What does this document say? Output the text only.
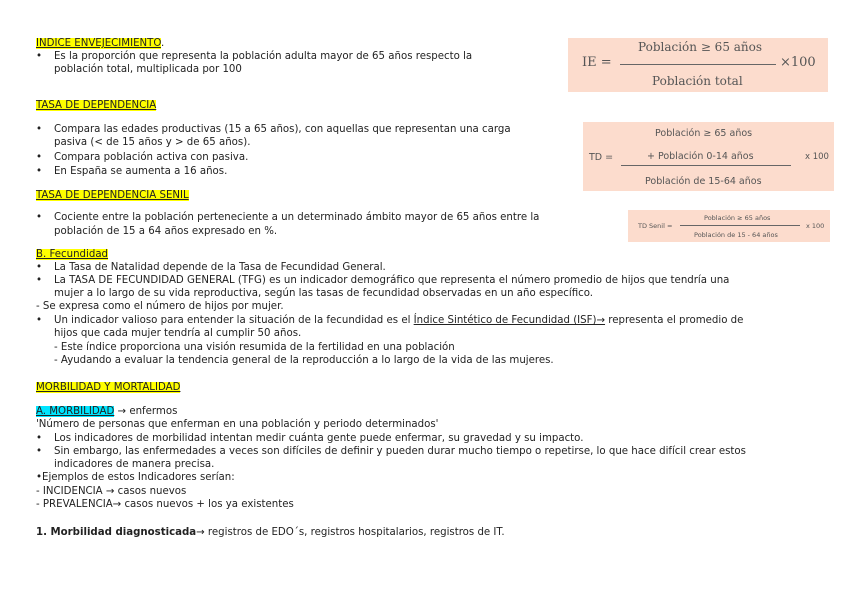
INDICE ENVEJECIMIENTO.
• Es la proporción que representa la población adulta mayor de 65 años respecto la
población total, multiplicada por 100
TASA DE DEPENDENCIA
• Compara las edades productivas (15 a 65 años), con aquellas que representan una carga
pasiva (< de 15 años y > de 65 años).
• Compara población activa con pasiva.
• En España se aumenta a 16 años.
TASA DE DEPENDENCIA SENIL
• Cociente entre la población perteneciente a un determinado ámbito mayor de 65 años entre la
población de 15 a 64 años expresado en %.
B. Fecundidad
• La Tasa de Natalidad depende de la Tasa de Fecundidad General.
• La TASA DE FECUNDIDAD GENERAL (TFG) es un indicador demográfico que representa el número promedio de hijos que tendría una
mujer a lo largo de su vida reproductiva, según las tasas de fecundidad observadas en un año específico.
- Se expresa como el número de hijos por mujer.
• Un indicador valioso para entender la situación de la fecundidad es el Índice Sintético de Fecundidad (ISF)→ representa el promedio de
hijos que cada mujer tendría al cumplir 50 años.
- Este índice proporciona una visión resumida de la fertilidad en una población
- Ayudando a evaluar la tendencia general de la reproducción a lo largo de la vida de las mujeres.
MORBILIDAD Y MORTALIDAD
A. MORBILIDAD → enfermos
'Número de personas que enferman en una población y periodo determinados'
• Los indicadores de morbilidad intentan medir cuánta gente puede enfermar, su gravedad y su impacto.
• Sin embargo, las enfermedades a veces son difíciles de definir y pueden durar mucho tiempo o repetirse, lo que hace difícil crear estos
indicadores de manera precisa.
•Ejemplos de estos Indicadores serían:
- INCIDENCIA → casos nuevos
- PREVALENCIA→ casos nuevos + los ya existentes
1. Morbilidad diagnosticada→ registros de EDO´s, registros hospitalarios, registros de IT.
IE =
Población ≥ 65 años
Población total
×100
TD =
Población ≥ 65 años
+ Población 0-14 años
Población de 15-64 años
x 100
TD Senil =
Población ≥ 65 años
Población de 15 - 64 años
x 100
